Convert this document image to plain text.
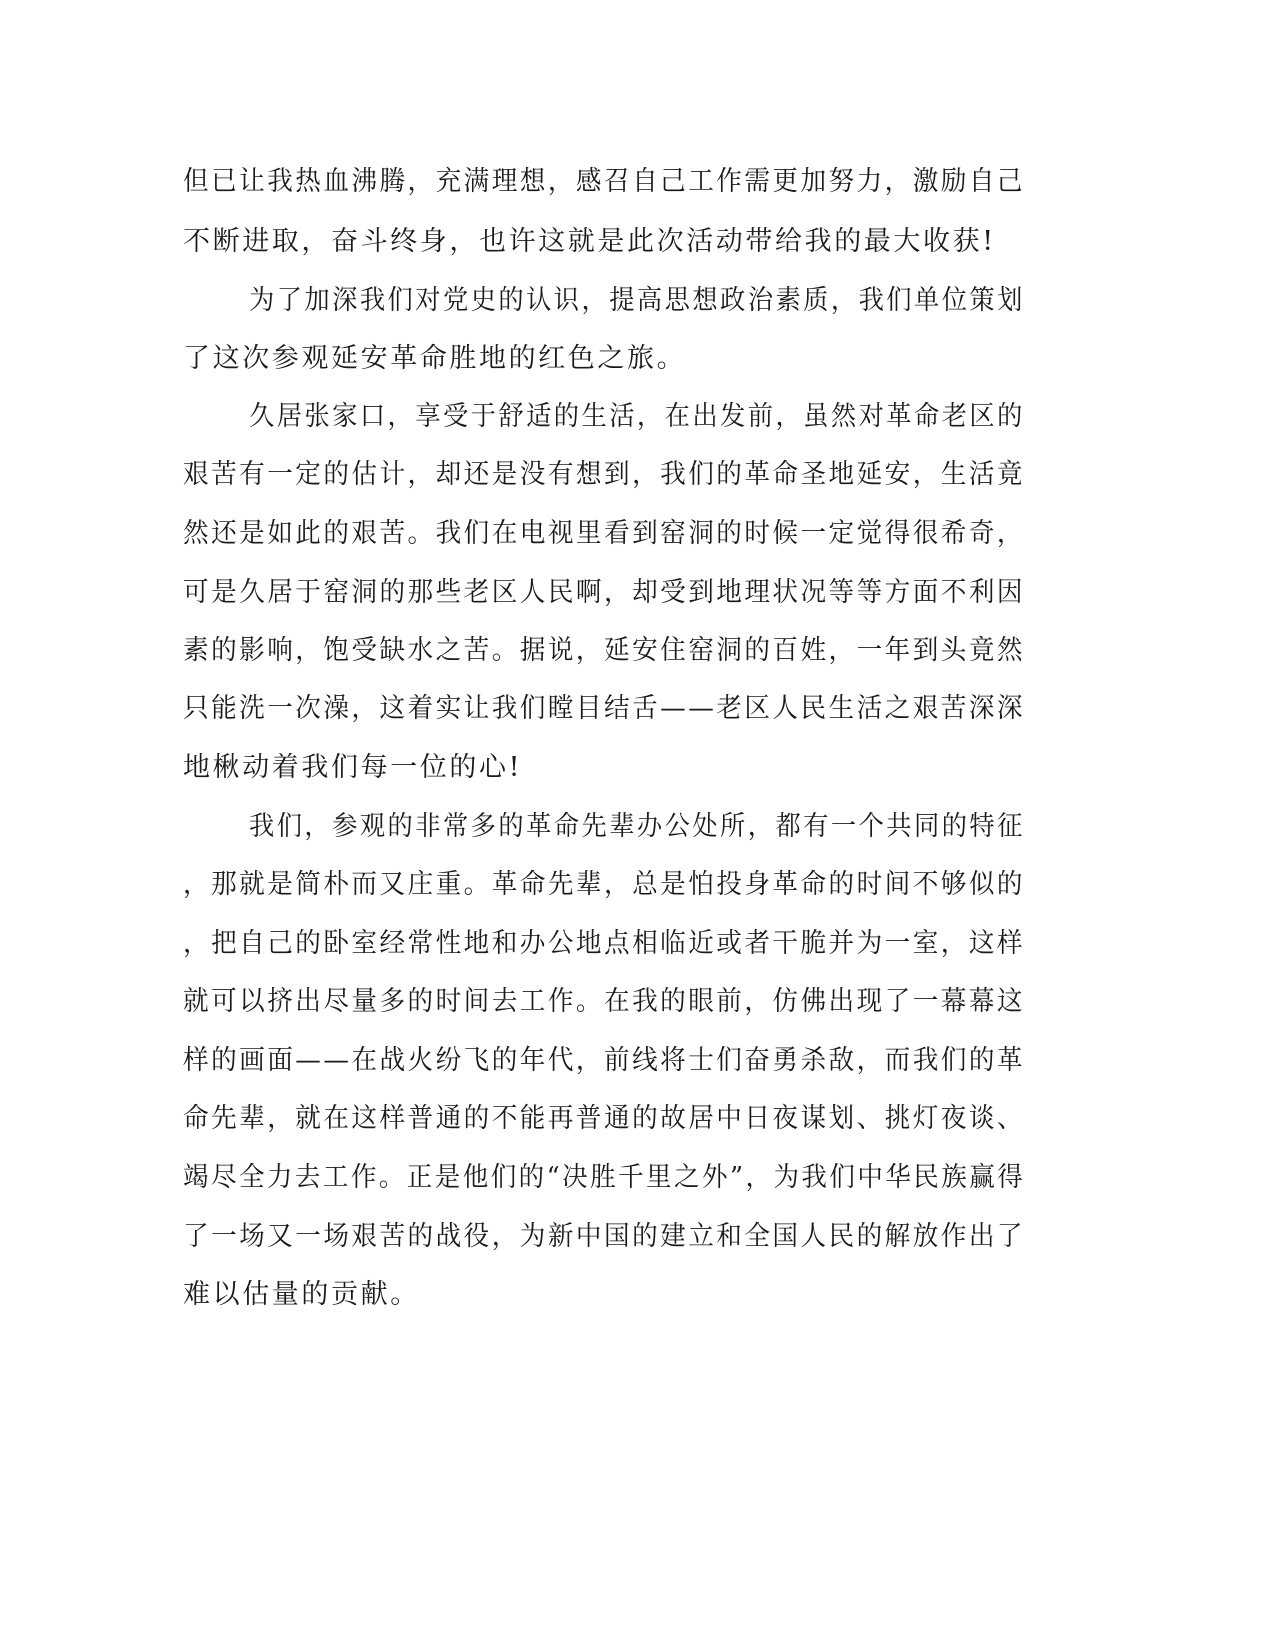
但已让我热血沸腾，充满理想，感召自己工作需更加努力，激励自己
不断进取，奋斗终身，也许这就是此次活动带给我的最大收获!
为了加深我们对党史的认识，提高思想政治素质，我们单位策划
了这次参观延安革命胜地的红色之旅。
久居张家口，享受于舒适的生活，在出发前，虽然对革命老区的
艰苦有一定的估计，却还是没有想到，我们的革命圣地延安，生活竟
然还是如此的艰苦。我们在电视里看到窑洞的时候一定觉得很希奇，
可是久居于窑洞的那些老区人民啊，却受到地理状况等等方面不利因
素的影响，饱受缺水之苦。据说，延安住窑洞的百姓，一年到头竟然
只能洗一次澡，这着实让我们瞠目结舌——老区人民生活之艰苦深深
地楸动着我们每一位的心!
我们，参观的非常多的革命先辈办公处所，都有一个共同的特征
，那就是简朴而又庄重。革命先辈，总是怕投身革命的时间不够似的
，把自己的卧室经常性地和办公地点相临近或者干脆并为一室，这样
就可以挤出尽量多的时间去工作。在我的眼前，仿佛出现了一幕幕这
样的画面——在战火纷飞的年代，前线将士们奋勇杀敌，而我们的革
命先辈，就在这样普通的不能再普通的故居中日夜谋划、挑灯夜谈、
竭尽全力去工作。正是他们的“决胜千里之外”，为我们中华民族赢得
了一场又一场艰苦的战役，为新中国的建立和全国人民的解放作出了
难以估量的贡献。
